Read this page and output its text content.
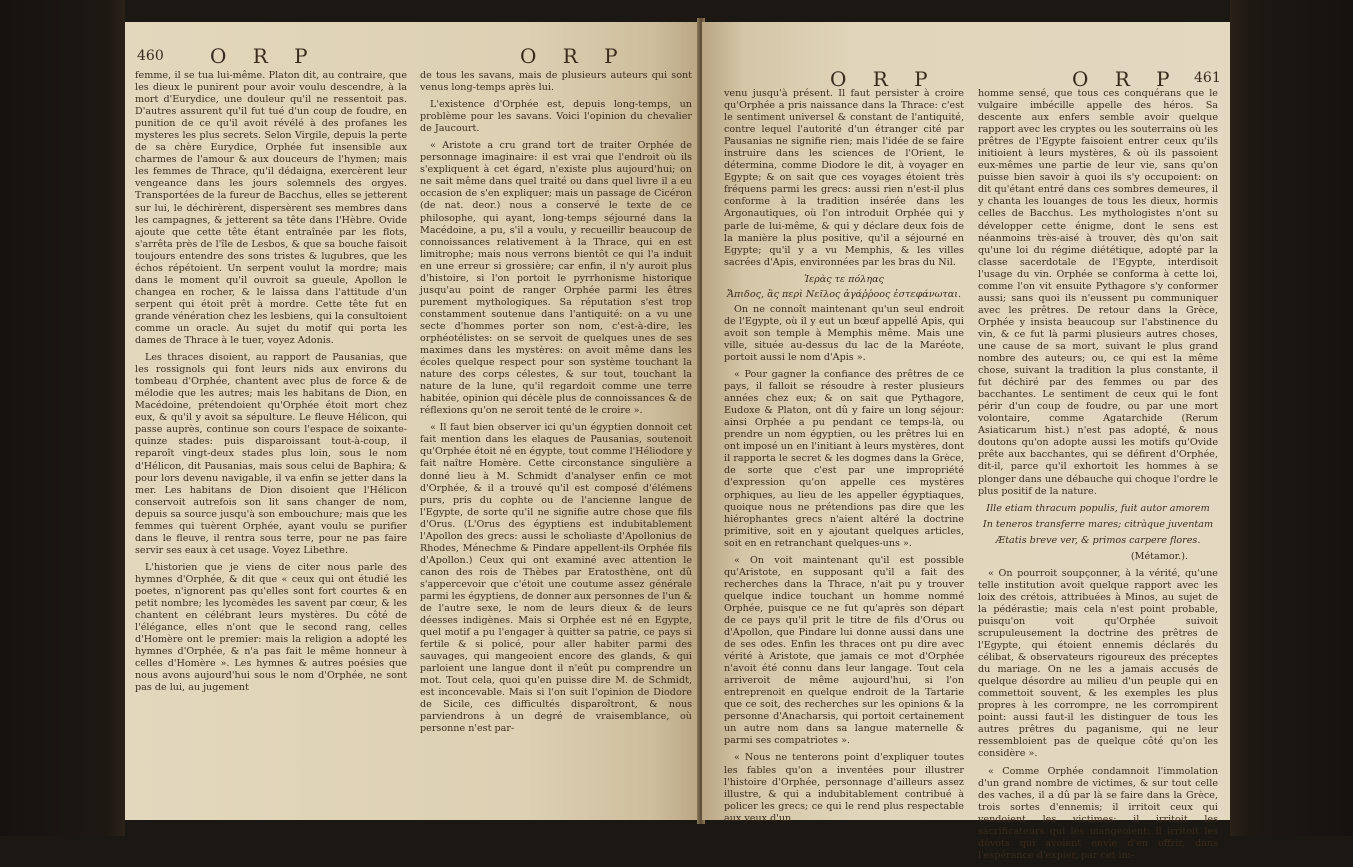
460 O R P	O R P

femme, il se tua lui-même. Platon dit, au contraire, que les dieux le punirent pour avoir voulu descendre, à la mort d'Eurydice, une douleur qu'il ne ressentoit pas. D'autres assurent qu'il fut tué d'un coup de foudre, en punition de ce qu'il avoit révélé à des profanes les mysteres les plus secrets. Selon Virgile, depuis la perte de sa chère Eurydice, Orphée fut insensible aux charmes de l'amour & aux douceurs de l'hymen; mais les femmes de Thrace, qu'il dédaigna, exercèrent leur vengeance dans les jours solemnels des orgyes. Transportées de la fureur de Bacchus, elles se jetterent sur lui, le déchirèrent, dispersèrent ses membres dans les campagnes, & jetterent sa tête dans l'Hèbre. Ovide ajoute que cette tête étant entraînée par les flots, s'arrêta près de l'île de Lesbos, & que sa bouche faisoit toujours entendre des sons tristes & lugubres, que les échos répétoient. Un serpent voulut la mordre; mais dans le moment qu'il ouvroit sa gueule, Apollon le changea en rocher, & le laissa dans l'attitude d'un serpent qui étoit prêt à mordre. Cette tête fut en grande vénération chez les lesbiens, qui la consultoient comme un oracle. Au sujet du motif qui porta les dames de Thrace à le tuer, voyez Adonis.

Les thraces disoient, au rapport de Pausanias, que les rossignols qui font leurs nids aux environs du tombeau d'Orphée, chantent avec plus de force & de mélodie que les autres; mais les habitans de Dion, en Macédoine, prétendoient qu'Orphée étoit mort chez eux, & qu'il y avoit sa sépulture. Le fleuve Hélicon, qui passe auprès, continue son cours l'espace de soixante-quinze stades: puis disparoissant tout-à-coup, il reparoît vingt-deux stades plus loin, sous le nom d'Hélicon, dit Pausanias, mais sous celui de Baphira; & pour lors devenu navigable, il va enfin se jetter dans la mer. Les habitans de Dion disoient que l'Hélicon conservoit autrefois son lit sans changer de nom, depuis sa source jusqu'à son embouchure; mais que les femmes qui tuèrent Orphée, ayant voulu se purifier dans le fleuve, il rentra sous terre, pour ne pas faire servir ses eaux à cet usage. Voyez Libethre.

L'historien que je viens de citer nous parle des hymnes d'Orphée, & dit que « ceux qui ont étudié les poetes, n'ignorent pas qu'elles sont fort courtes & en petit nombre; les lycomèdes les savent par cœur, & les chantent en célébrant leurs mystères. Du côté de l'élégance, elles n'ont que le second rang, celles d'Homère ont le premier: mais la religion a adopté les hymnes d'Orphée, & n'a pas fait le même honneur à celles d'Homère ». Les hymnes & autres poésies que nous avons aujourd'hui sous le nom d'Orphée, ne sont pas de lui, au jugement

de tous les savans, mais de plusieurs auteurs qui sont venus long-temps après lui.

L'existence d'Orphée est, depuis long-temps, un problème pour les savans. Voici l'opinion du chevalier de Jaucourt.

« Aristote a cru grand tort de traiter Orphée de personnage imaginaire: il est vrai que l'endroit où ils s'expliquent à cet égard, n'existe plus aujourd'hui; on ne sait même dans quel traité ou dans quel livre il a eu occasion de s'en expliquer; mais un passage de Cicéron (de nat. deor.) nous a conservé le texte de ce philosophe, qui ayant, long-temps séjourné dans la Macédoine, a pu, s'il a voulu, y recueillir beaucoup de connoissances relativement à la Thrace, qui en est limitrophe; mais nous verrons bientôt ce qui l'a induit en une erreur si grossière; car enfin, il n'y auroit plus d'histoire, si l'on portoit le pyrrhonisme historique jusqu'au point de ranger Orphée parmi les êtres purement mythologiques. Sa réputation s'est trop constamment soutenue dans l'antiquité: on a vu une secte d'hommes porter son nom, c'est-à-dire, les orphéotélistes: on se servoit de quelques unes de ses maximes dans les mystères: on avoit même dans les écoles quelque respect pour son système touchant la nature des corps célestes, & sur tout, touchant la nature de la lune, qu'il regardoit comme une terre habitée, opinion qui décèle plus de connoissances & de réflexions qu'on ne seroit tenté de le croire ».

« Il faut bien observer ici qu'un égyptien donnoit cet fait mention dans les elaques de Pausanias, soutenoit qu'Orphée étoit né en égypte, tout comme l'Héliodore y fait naître Homère. Cette circonstance singulière a donné lieu à M. Schmidt d'analyser enfin ce mot d'Orphée, & il a trouvé qu'il est composé d'élémens purs, pris du cophte ou de l'ancienne langue de l'Egypte, de sorte qu'il ne signifie autre chose que fils d'Orus. (L'Orus des égyptiens est indubitablement l'Apollon des grecs: aussi le scholiaste d'Apollonius de Rhodes, Ménechme & Pindare appellent-ils Orphée fils d'Apollon.) Ceux qui ont examiné avec attention le canon des rois de Thèbes par Eratosthène, ont dû s'appercevoir que c'étoit une coutume assez générale parmi les égyptiens, de donner aux personnes de l'un & de l'autre sexe, le nom de leurs dieux & de leurs déesses indigènes. Mais si Orphée est né en Egypte, quel motif a pu l'engager à quitter sa patrie, ce pays si fertile & si policé, pour aller habiter parmi des sauvages, qui mangeoient encore des glands, & qui parloient une langue dont il n'eût pu comprendre un mot. Tout cela, quoi qu'en puisse dire M. de Schmidt, est inconcevable. Mais si l'on suit l'opinion de Diodore de Sicile, ces difficultés disparoîtront, & nous parviendrons à un degré de vraisemblance, où personne n'est par-

O R P	O R P 461

venu jusqu'à présent. Il faut persister à croire qu'Orphée a pris naissance dans la Thrace: c'est le sentiment universel & constant de l'antiquité, contre lequel l'autorité d'un étranger cité par Pausanias ne signifie rien; mais l'idée de se faire instruire dans les sciences de l'Orient, le détermina, comme Diodore le dit, à voyager en Egypte; & on sait que ces voyages étoient très fréquens parmi les grecs: aussi rien n'est-il plus conforme à la tradition insérée dans les Argonautiques, où l'on introduit Orphée qui y parle de lui-même, & qui y déclare deux fois de la manière la plus positive, qu'il a séjourné en Egypte; qu'il y a vu Memphis, & les villes sacrées d'Apis, environnées par les bras du Nil.

Ἱερὰς τε πόληας

Ἄπιδος, ἃς περὶ Νεῖλος ἀγάῤῥοος ἐστεφάνωται.

On ne connoît maintenant qu'un seul endroit de l'Egypte, où il y eut un bœuf appellé Apis, qui avoit son temple à Memphis même. Mais une ville, située au-dessus du lac de la Maréote, portoit aussi le nom d'Apis ».

« Pour gagner la confiance des prêtres de ce pays, il falloit se résoudre à rester plusieurs années chez eux; & on sait que Pythagore, Eudoxe & Platon, ont dû y faire un long séjour: ainsi Orphée a pu pendant ce temps-là, ou prendre un nom égyptien, ou les prêtres lui en ont imposé un en l'initiant à leurs mystères, dont il rapporta le secret & les dogmes dans la Grèce, de sorte que c'est par une impropriété d'expression qu'on appelle ces mystères orphiques, au lieu de les appeller égyptiaques, quoique nous ne prétendions pas dire que les hiérophantes grecs n'aient altéré la doctrine primitive, soit en y ajoutant quelques articles, soit en en retranchant quelques-uns ».

« On voit maintenant qu'il est possible qu'Aristote, en supposant qu'il a fait des recherches dans la Thrace, n'ait pu y trouver quelque indice touchant un homme nommé Orphée, puisque ce ne fut qu'après son départ de ce pays qu'il prit le titre de fils d'Orus ou d'Apollon, que Pindare lui donne aussi dans une de ses odes. Enfin les thraces ont pu dire avec vérité à Aristote, que jamais ce mot d'Orphée n'avoit été connu dans leur langage. Tout cela arriveroit de même aujourd'hui, si l'on entreprenoit en quelque endroit de la Tartarie que ce soit, des recherches sur les opinions & la personne d'Anacharsis, qui portoit certainement un autre nom dans sa langue maternelle & parmi ses compatriotes ».

« Nous ne tenterons point d'expliquer toutes les fables qu'on a inventées pour illustrer l'histoire d'Orphée, personnage d'ailleurs assez illustre, & qui a indubitablement contribué à policer les grecs; ce qui le rend plus respectable aux yeux d'un

homme sensé, que tous ces conquérans que le vulgaire imbécille appelle des héros. Sa descente aux enfers semble avoir quelque rapport avec les cryptes ou les souterrains où les prêtres de l'Egypte faisoient entrer ceux qu'ils initioient à leurs mystères, & où ils passoient eux-mêmes une partie de leur vie, sans qu'on puisse bien savoir à quoi ils s'y occupoient: on dit qu'étant entré dans ces sombres demeures, il y chanta les louanges de tous les dieux, hormis celles de Bacchus. Les mythologistes n'ont su développer cette énigme, dont le sens est néanmoins très-aisé à trouver, dès qu'on sait qu'une loi du régime diététique, adopté par la classe sacerdotale de l'Egypte, interdisoit l'usage du vin. Orphée se conforma à cette loi, comme l'on vit ensuite Pythagore s'y conformer aussi; sans quoi ils n'eussent pu communiquer avec les prêtres. De retour dans la Grèce, Orphée y insista beaucoup sur l'abstinence du vin, & ce fut là parmi plusieurs autres choses, une cause de sa mort, suivant le plus grand nombre des auteurs; ou, ce qui est la même chose, suivant la tradition la plus constante, il fut déchiré par des femmes ou par des bacchantes. Le sentiment de ceux qui le font périr d'un coup de foudre, ou par une mort volontaire, comme Agatarchide (Rerum Asiaticarum hist.) n'est pas adopté, & nous doutons qu'on adopte aussi les motifs qu'Ovide prête aux bacchantes, qui se défirent d'Orphée, dit-il, parce qu'il exhortoit les hommes à se plonger dans une débauche qui choque l'ordre le plus positif de la nature.

Ille etiam thracum populis, fuit autor amorem

In teneros transferre mares; citràque juventam

Ætatis breve ver, & primos carpere flores.

(Métamor.).

« On pourroit soupçonner, à la vérité, qu'une telle institution avoit quelque rapport avec les loix des crétois, attribuées à Minos, au sujet de la pédérastie; mais cela n'est point probable, puisqu'on voit qu'Orphée suivoit scrupuleusement la doctrine des prêtres de l'Egypte, qui étoient ennemis déclarés du célibat, & observateurs rigoureux des préceptes du mariage. On ne les a jamais accusés de quelque désordre au milieu d'un peuple qui en commettoit souvent, & les exemples les plus propres à les corrompre, ne les corrompirent point: aussi faut-il les distinguer de tous les autres prêtres du paganisme, qui ne leur ressembloient pas de quelque côté qu'on les considère ».

« Comme Orphée condamnoit l'immolation d'un grand nombre de victimes, & sur tout celle des vaches, il a dû par là se faire dans la Grèce, trois sortes d'ennemis; il irritoit ceux qui vendoient les victimes; il irritoit les sacrificateurs qui les mangeoient: il irritoit les dévots qui avoient envie d'en offrir, dans l'espérance d'expier, par cet im-
